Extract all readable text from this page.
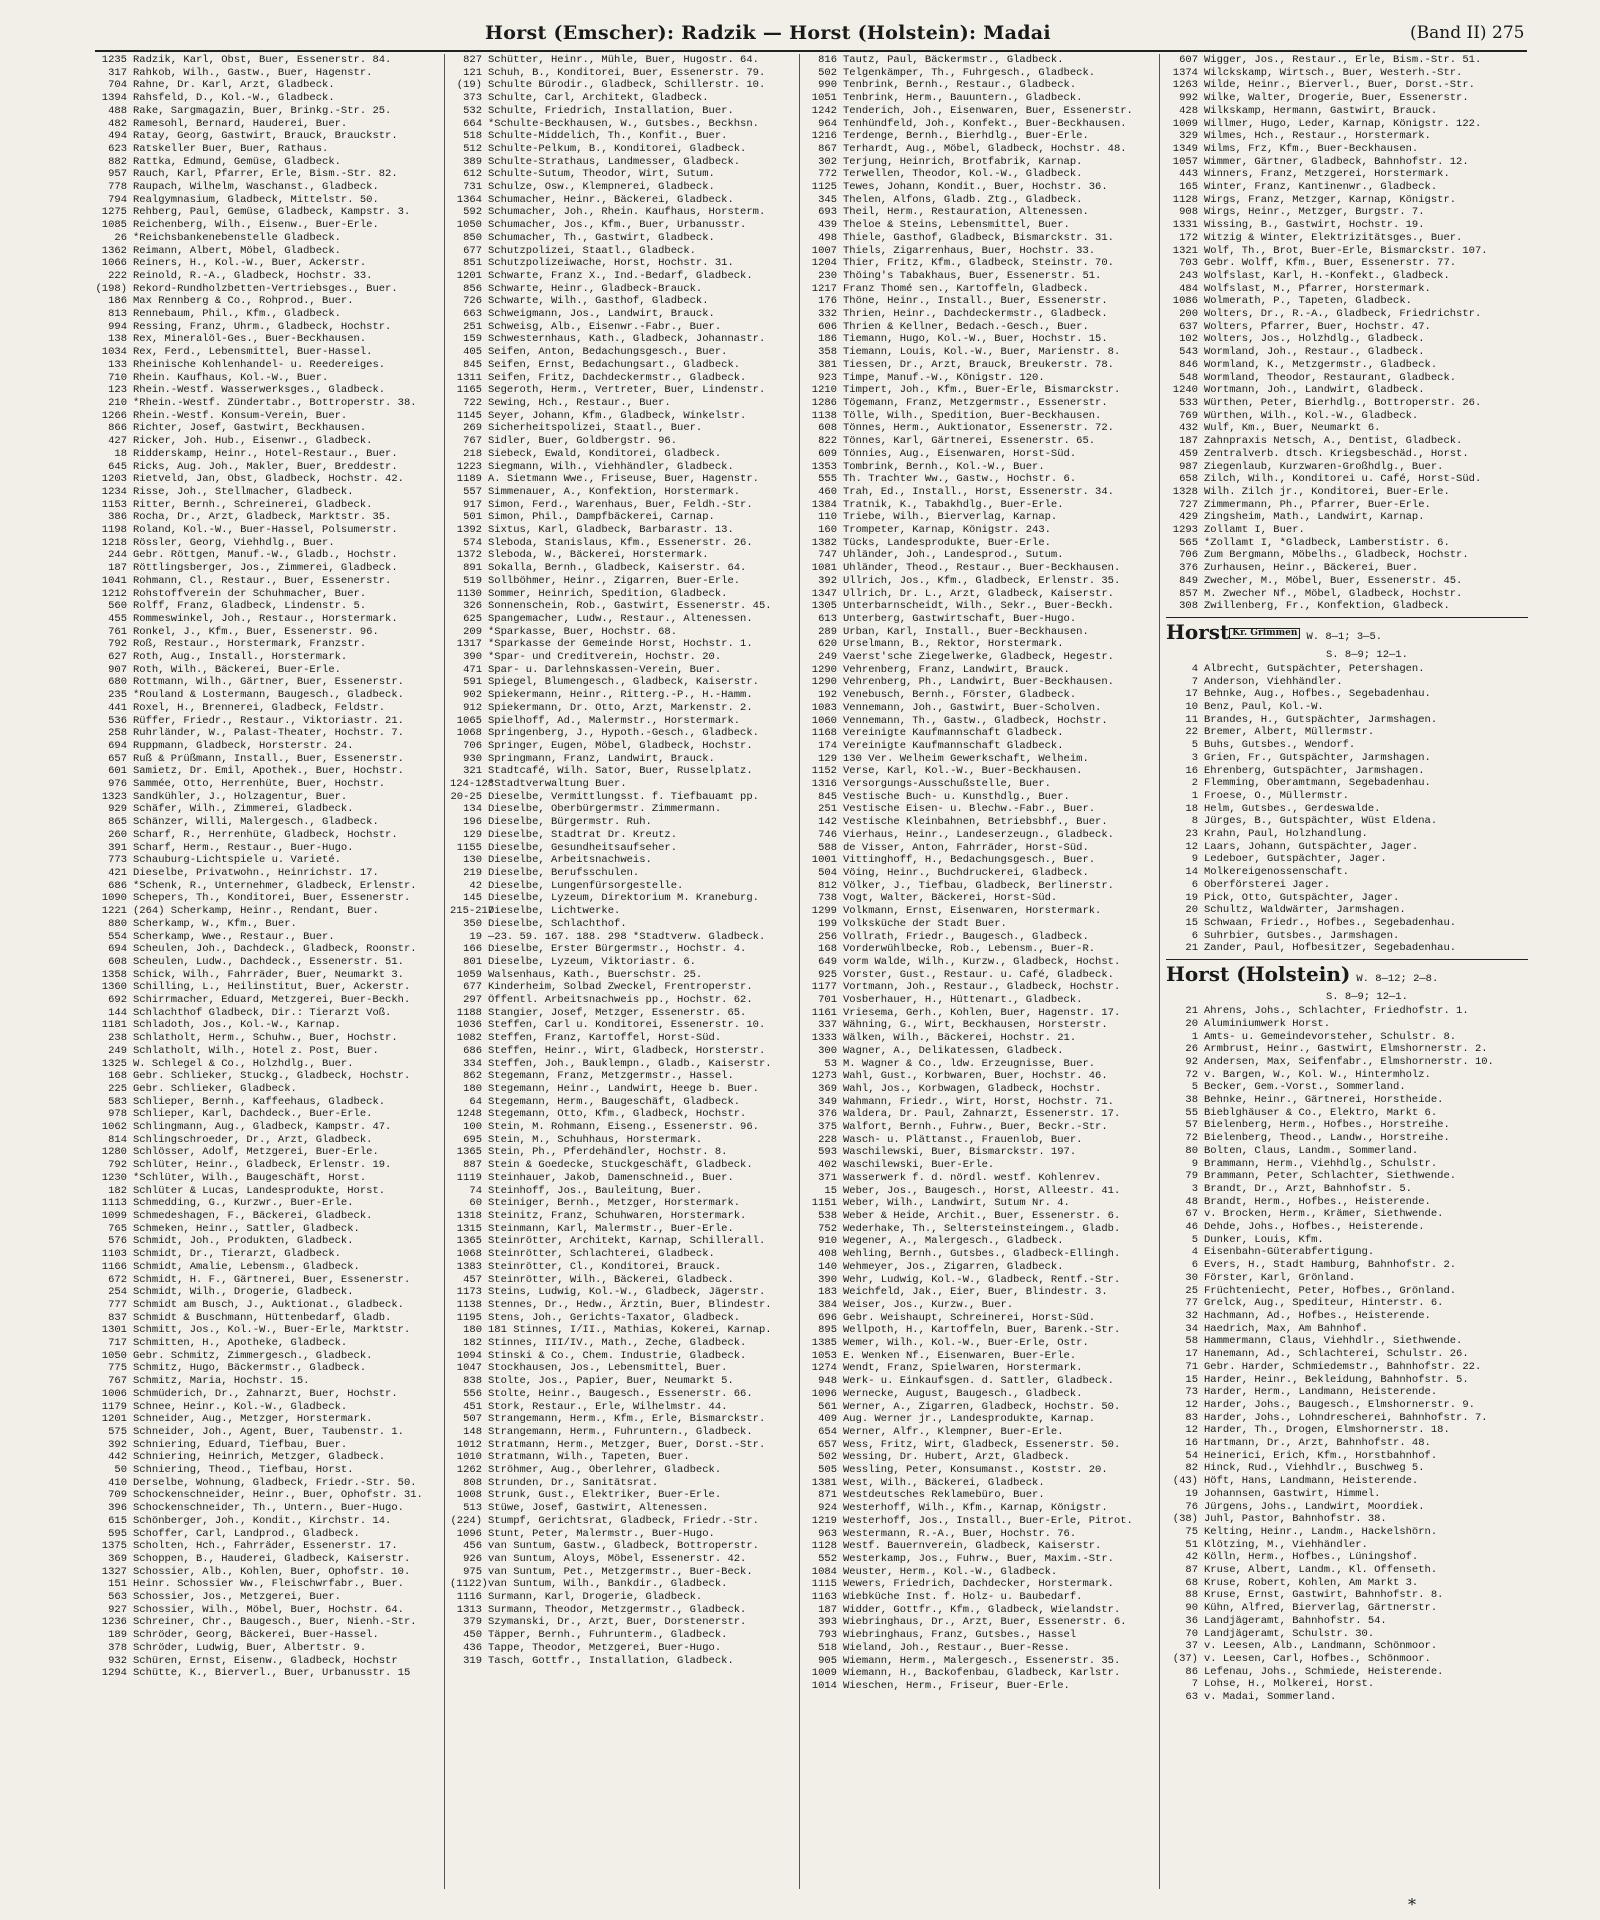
Horst (Emscher): Radzik — Horst (Holstein): Madai	(Band II) 275
1235 Radzik, Karl, Obst, Buer, Essenerstr. 84.
317 Rahkob, Wilh., Gastw., Buer, Hagenstr.
704 Rahne, Dr. Karl, Arzt, Gladbeck.
1394 Rahsfeld, D., Kol.-W., Gladbeck.
488 Rake, Sargmagazin, Buer, Brinkg.-Str. 25.
482 Ramesohl, Bernard, Hauderei, Buer.
494 Ratay, Georg, Gastwirt, Brauck, Brauckstr.
623 Ratskeller Buer, Buer, Rathaus.
882 Rattka, Edmund, Gemüse, Gladbeck.
957 Rauch, Karl, Pfarrer, Erle, Bism.-Str. 82.
778 Raupach, Wilhelm, Waschanst., Gladbeck.
794 Realgymnasium, Gladbeck, Mittelstr. 50.
1275 Rehberg, Paul, Gemüse, Gladbeck, Kampstr. 3.
1085 Reichenberg, Wilh., Eisenw., Buer-Erle.
26 *Reichsbankenebenstelle Gladbeck.
1362 Reimann, Albert, Möbel, Gladbeck.
1066 Reiners, H., Kol.-W., Buer, Ackerstr.
222 Reinold, R.-A., Gladbeck, Hochstr. 33.
(198) Rekord-Rundholzbetten-Vertriebsges., Buer.
186 Max Rennberg & Co., Rohprod., Buer.
813 Rennebaum, Phil., Kfm., Gladbeck.
994 Ressing, Franz, Uhrm., Gladbeck, Hochstr.
138 Rex, Mineralöl-Ges., Buer-Beckhausen.
1034 Rex, Ferd., Lebensmittel, Buer-Hassel.
133 Rheinische Kohlenhandel- u. Reedereiges.
710 Rhein. Kaufhaus, Kol.-W., Buer.
123 Rhein.-Westf. Wasserwerksges., Gladbeck.
210 *Rhein.-Westf. Zündertabr., Bottroperstr. 38.
1266 Rhein.-Westf. Konsum-Verein, Buer.
866 Richter, Josef, Gastwirt, Beckhausen.
427 Ricker, Joh. Hub., Eisenwr., Gladbeck.
18 Ridderskamp, Heinr., Hotel-Restaur., Buer.
645 Ricks, Aug. Joh., Makler, Buer, Breddestr.
1203 Rietveld, Jan, Obst, Gladbeck, Hochstr. 42.
1234 Risse, Joh., Stellmacher, Gladbeck.
1153 Ritter, Bernh., Schreinerei, Gladbeck.
386 Rocha, Dr., Arzt, Gladbeck, Marktstr. 35.
1198 Roland, Kol.-W., Buer-Hassel, Polsumerstr.
1218 Rössler, Georg, Viehhdlg., Buer.
244 Gebr. Röttgen, Manuf.-W., Gladb., Hochstr.
187 Röttlingsberger, Jos., Zimmerei, Gladbeck.
1041 Rohmann, Cl., Restaur., Buer, Essenerstr.
1212 Rohstoffverein der Schuhmacher, Buer.
560 Rolff, Franz, Gladbeck, Lindenstr. 5.
455 Rommeswinkel, Joh., Restaur., Horstermark.
761 Ronkel, J., Kfm., Buer, Essenerstr. 96.
792 Roß, Restaur., Horstermark, Franzstr.
627 Roth, Aug., Install., Horstermark.
907 Roth, Wilh., Bäckerei, Buer-Erle.
680 Rottmann, Wilh., Gärtner, Buer, Essenerstr.
235 *Rouland & Lostermann, Baugesch., Gladbeck.
441 Roxel, H., Brennerei, Gladbeck, Feldstr.
536 Rüffer, Friedr., Restaur., Viktoriastr. 21.
258 Ruhrländer, W., Palast-Theater, Hochstr. 7.
694 Ruppmann, Gladbeck, Horsterstr. 24.
657 Ruß & Prüßmann, Install., Buer, Essenerstr.
601 Samietz, Dr. Emil, Apothek., Buer, Hochstr.
976 Sammée, Otto, Herrenhüte, Buer, Hochstr.
1323 Sandkühler, J., Holzagentur, Buer.
929 Schäfer, Wilh., Zimmerei, Gladbeck.
865 Schänzer, Willi, Malergesch., Gladbeck.
260 Scharf, R., Herrenhüte, Gladbeck, Hochstr.
391 Scharf, Herm., Restaur., Buer-Hugo.
773 Schauburg-Lichtspiele u. Varieté.
421 Dieselbe, Privatwohn., Heinrichstr. 17.
686 *Schenk, R., Unternehmer, Gladbeck, Erlenstr.
1090 Schepers, Th., Konditorei, Buer, Essenerstr.
1221 (264) Scherkamp, Heinr., Rendant, Buer.
880 Scherkamp, W., Kfm., Buer.
554 Scherkamp, Wwe., Restaur., Buer.
694 Scheulen, Joh., Dachdeck., Gladbeck, Roonstr.
608 Scheulen, Ludw., Dachdeck., Essenerstr. 51.
1358 Schick, Wilh., Fahrräder, Buer, Neumarkt 3.
1360 Schilling, L., Heilinstitut, Buer, Ackerstr.
692 Schirrmacher, Eduard, Metzgerei, Buer-Beckh.
144 Schlachthof Gladbeck, Dir.: Tierarzt Voß.
1181 Schladoth, Jos., Kol.-W., Karnap.
238 Schlatholt, Herm., Schuhw., Buer, Hochstr.
249 Schlatholt, Wilh., Hotel z. Post, Buer.
1325 W. Schlegel & Co., Holzhdlg., Buer.
168 Gebr. Schlieker, Stuckg., Gladbeck, Hochstr.
225 Gebr. Schlieker, Gladbeck.
583 Schlieper, Bernh., Kaffeehaus, Gladbeck.
978 Schlieper, Karl, Dachdeck., Buer-Erle.
1062 Schlingmann, Aug., Gladbeck, Kampstr. 47.
814 Schlingschroeder, Dr., Arzt, Gladbeck.
1280 Schlösser, Adolf, Metzgerei, Buer-Erle.
792 Schlüter, Heinr., Gladbeck, Erlenstr. 19.
1230 *Schlüter, Wilh., Baugeschäft, Horst.
182 Schlüter & Lucas, Landesprodukte, Horst.
1113 Schmedding, G., Kurzwr., Buer-Erle.
1099 Schmedeshagen, F., Bäckerei, Gladbeck.
765 Schmeken, Heinr., Sattler, Gladbeck.
576 Schmidt, Joh., Produkten, Gladbeck.
1103 Schmidt, Dr., Tierarzt, Gladbeck.
1166 Schmidt, Amalie, Lebensm., Gladbeck.
672 Schmidt, H. F., Gärtnerei, Buer, Essenerstr.
254 Schmidt, Wilh., Drogerie, Gladbeck.
777 Schmidt am Busch, J., Auktionat., Gladbeck.
837 Schmidt & Buschmann, Hüttenbedarf, Gladb.
1301 Schmitt, Jos., Kol.-W., Buer-Erle, Marktstr.
717 Schmitten, H., Apotheke, Gladbeck.
1050 Gebr. Schmitz, Zimmergesch., Gladbeck.
775 Schmitz, Hugo, Bäckermstr., Gladbeck.
767 Schmitz, Maria, Hochstr. 15.
1006 Schmüderich, Dr., Zahnarzt, Buer, Hochstr.
1179 Schnee, Heinr., Kol.-W., Gladbeck.
1201 Schneider, Aug., Metzger, Horstermark.
575 Schneider, Joh., Agent, Buer, Taubenstr. 1.
392 Schniering, Eduard, Tiefbau, Buer.
442 Schniering, Heinrich, Metzger, Gladbeck.
50 Schniering, Theod., Tiefbau, Horst.
410 Derselbe, Wohnung, Gladbeck, Friedr.-Str. 50.
709 Schockenschneider, Heinr., Buer, Ophofstr. 31.
396 Schockenschneider, Th., Untern., Buer-Hugo.
615 Schönberger, Joh., Kondit., Kirchstr. 14.
595 Schoffer, Carl, Landprod., Gladbeck.
1375 Scholten, Hch., Fahrräder, Essenerstr. 17.
369 Schoppen, B., Hauderei, Gladbeck, Kaiserstr.
1327 Schossier, Alb., Kohlen, Buer, Ophofstr. 10.
151 Heinr. Schossier Ww., Fleischwrfabr., Buer.
563 Schossier, Jos., Metzgerei, Buer.
927 Schossier, Wilh., Möbel, Buer, Hochstr. 64.
1236 Schreiner, Chr., Baugesch., Buer, Nienh.-Str.
189 Schröder, Georg, Bäckerei, Buer-Hassel.
378 Schröder, Ludwig, Buer, Albertstr. 9.
932 Schüren, Ernst, Eisenw., Gladbeck, Hochstr
1294 Schütte, K., Bierverl., Buer, Urbanusstr. 15
827 Schütter, Heinr., Mühle, Buer, Hugostr. 64.
121 Schuh, B., Konditorei, Buer, Essenerstr. 79.
(19) Schulte Bürodir., Gladbeck, Schillerstr. 10.
373 Schulte, Carl, Architekt, Gladbeck.
532 Schulte, Friedrich, Installation, Buer.
664 *Schulte-Beckhausen, W., Gutsbes., Beckhsn.
518 Schulte-Middelich, Th., Konfit., Buer.
512 Schulte-Pelkum, B., Konditorei, Gladbeck.
389 Schulte-Strathaus, Landmesser, Gladbeck.
612 Schulte-Sutum, Theodor, Wirt, Sutum.
731 Schulze, Osw., Klempnerei, Gladbeck.
1364 Schumacher, Heinr., Bäckerei, Gladbeck.
592 Schumacher, Joh., Rhein. Kaufhaus, Horsterm.
1050 Schumacher, Jos., Kfm., Buer, Urbanusstr.
850 Schumacher, Th., Gastwirt, Gladbeck.
677 Schutzpolizei, Staatl., Gladbeck.
851 Schutzpolizeiwache, Horst, Hochstr. 31.
1201 Schwarte, Franz X., Ind.-Bedarf, Gladbeck.
856 Schwarte, Heinr., Gladbeck-Brauck.
726 Schwarte, Wilh., Gasthof, Gladbeck.
663 Schweigmann, Jos., Landwirt, Brauck.
251 Schweisg, Alb., Eisenwr.-Fabr., Buer.
159 Schwesternhaus, Kath., Gladbeck, Johannastr.
405 Seifen, Anton, Bedachungsgesch., Buer.
845 Seifen, Ernst, Bedachungsart., Gladbeck.
1311 Seifen, Fritz, Dachdeckermstr., Gladbeck.
1165 Segeroth, Herm., Vertreter, Buer, Lindenstr.
722 Sewing, Hch., Restaur., Buer.
1145 Seyer, Johann, Kfm., Gladbeck, Winkelstr.
269 Sicherheitspolizei, Staatl., Buer.
767 Sidler, Buer, Goldbergstr. 96.
218 Siebeck, Ewald, Konditorei, Gladbeck.
1223 Siegmann, Wilh., Viehhändler, Gladbeck.
1189 A. Sietmann Wwe., Friseuse, Buer, Hagenstr.
557 Simmenauer, A., Konfektion, Horstermark.
917 Simon, Ferd., Warenhaus, Buer, Feldh.-Str.
501 Simon, Phil., Dampfbäckerei, Carnap.
1392 Sixtus, Karl, Gladbeck, Barbarastr. 13.
574 Sleboda, Stanislaus, Kfm., Essenerstr. 26.
1372 Sleboda, W., Bäckerei, Horstermark.
891 Sokalla, Bernh., Gladbeck, Kaiserstr. 64.
519 Sollböhmer, Heinr., Zigarren, Buer-Erle.
1130 Sommer, Heinrich, Spedition, Gladbeck.
326 Sonnenschein, Rob., Gastwirt, Essenerstr. 45.
625 Spangemacher, Ludw., Restaur., Altenessen.
209 *Sparkasse, Buer, Hochstr. 68.
1317 *Sparkasse der Gemeinde Horst, Hochstr. 1.
390 *Spar- und Creditverein, Hochstr. 20.
471 Spar- u. Darlehnskassen-Verein, Buer.
591 Spiegel, Blumengesch., Gladbeck, Kaiserstr.
902 Spiekermann, Heinr., Ritterg.-P., H.-Hamm.
912 Spiekermann, Dr. Otto, Arzt, Markenstr. 2.
1065 Spielhoff, Ad., Malermstr., Horstermark.
1068 Springenberg, J., Hypoth.-Gesch., Gladbeck.
706 Springer, Eugen, Möbel, Gladbeck, Hochstr.
930 Springmann, Franz, Landwirt, Brauck.
321 Stadtcafé, Wilh. Sator, Buer, Russelplatz.
124-128*Stadtverwaltung Buer.
20-25 Dieselbe, Vermittlungsst. f. Tiefbauamt pp.
134 Dieselbe, Oberbürgermstr. Zimmermann.
196 Dieselbe, Bürgermstr. Ruh.
129 Dieselbe, Stadtrat Dr. Kreutz.
1155 Dieselbe, Gesundheitsaufseher.
130 Dieselbe, Arbeitsnachweis.
219 Dieselbe, Berufsschulen.
42 Dieselbe, Lungenfürsorgestelle.
145 Dieselbe, Lyzeum, Direktorium M. Kraneburg.
215-217Dieselbe, Lichtwerke.
350 Dieselbe, Schlachthof.
19 —23. 59. 167. 188. 298 *Stadtverw. Gladbeck.
166 Dieselbe, Erster Bürgermstr., Hochstr. 4.
801 Dieselbe, Lyzeum, Viktoriastr. 6.
1059 Walsenhaus, Kath., Buerschstr. 25.
677 Kinderheim, Solbad Zweckel, Frentroperstr.
297 Öffentl. Arbeitsnachweis pp., Hochstr. 62.
1188 Stangier, Josef, Metzger, Essenerstr. 65.
1036 Steffen, Carl u. Konditorei, Essenerstr. 10.
1082 Steffen, Franz, Kartoffel, Horst-Süd.
686 Steffen, Heinr., Wirt, Gladbeck, Horsterstr.
334 Steffen, Joh., Bauklempn., Gladb., Kaiserstr.
862 Stegemann, Franz, Metzgermstr., Hassel.
180 Stegemann, Heinr., Landwirt, Heege b. Buer.
64 Stegemann, Herm., Baugeschäft, Gladbeck.
1248 Stegemann, Otto, Kfm., Gladbeck, Hochstr.
100 Stein, M. Rohmann, Eiseng., Essenerstr. 96.
695 Stein, M., Schuhhaus, Horstermark.
1365 Stein, Ph., Pferdehändler, Hochstr. 8.
887 Stein & Goedecke, Stuckgeschäft, Gladbeck.
1119 Steinhauer, Jakob, Damenschneid., Buer.
74 Steinhoff, Jos., Bauleitung, Buer.
60 Steiniger, Bernh., Metzger, Horstermark.
1318 Steinitz, Franz, Schuhwaren, Horstermark.
1315 Steinmann, Karl, Malermstr., Buer-Erle.
1365 Steinrötter, Architekt, Karnap, Schillerall.
1068 Steinrötter, Schlachterei, Gladbeck.
1383 Steinrötter, Cl., Konditorei, Brauck.
457 Steinrötter, Wilh., Bäckerei, Gladbeck.
1173 Steins, Ludwig, Kol.-W., Gladbeck, Jägerstr.
1138 Stennes, Dr., Hedw., Ärztin, Buer, Blindestr.
1195 Stens, Joh., Gerichts-Taxator, Gladbeck.
180 181 Stinnes, I/II., Mathias, Kokerei, Karnap.
182 Stinnes, III/IV., Math., Zeche, Gladbeck.
1094 Stinski & Co., Chem. Industrie, Gladbeck.
1047 Stockhausen, Jos., Lebensmittel, Buer.
838 Stolte, Jos., Papier, Buer, Neumarkt 5.
556 Stolte, Heinr., Baugesch., Essenerstr. 66.
451 Stork, Restaur., Erle, Wilhelmstr. 44.
507 Strangemann, Herm., Kfm., Erle, Bismarckstr.
148 Strangemann, Herm., Fuhruntern., Gladbeck.
1012 Stratmann, Herm., Metzger, Buer, Dorst.-Str.
1010 Stratmann, Wilh., Tapeten, Buer.
1262 Ströhmer, Aug., Oberlehrer, Gladbeck.
808 Strunden, Dr., Sanitätsrat.
1008 Strunk, Gust., Elektriker, Buer-Erle.
513 Stüwe, Josef, Gastwirt, Altenessen.
(224) Stumpf, Gerichtsrat, Gladbeck, Friedr.-Str.
1096 Stunt, Peter, Malermstr., Buer-Hugo.
456 van Suntum, Gastw., Gladbeck, Bottroperstr.
926 van Suntum, Aloys, Möbel, Essenerstr. 42.
975 van Suntum, Pet., Metzgermstr., Buer-Beck.
(1122)van Suntum, Wilh., Bankdir., Gladbeck.
1116 Surmann, Karl, Drogerie, Gladbeck.
1313 Surmann, Theodor, Metzgermstr., Gladbeck.
379 Szymanski, Dr., Arzt, Buer, Dorstenerstr.
450 Täpper, Bernh., Fuhrunterm., Gladbeck.
436 Tappe, Theodor, Metzgerei, Buer-Hugo.
319 Tasch, Gottfr., Installation, Gladbeck.
816 Tautz, Paul, Bäckermstr., Gladbeck.
502 Telgenkämper, Th., Fuhrgesch., Gladbeck.
990 Tenbrink, Bernh., Restaur., Gladbeck.
1051 Tenbrink, Herm., Bauuntern., Gladbeck.
1242 Tenderich, Joh., Eisenwaren, Buer, Essenerstr.
964 Tenhündfeld, Joh., Konfekt., Buer-Beckhausen.
1216 Terdenge, Bernh., Bierhdlg., Buer-Erle.
867 Terhardt, Aug., Möbel, Gladbeck, Hochstr. 48.
302 Terjung, Heinrich, Brotfabrik, Karnap.
772 Terwellen, Theodor, Kol.-W., Gladbeck.
1125 Tewes, Johann, Kondit., Buer, Hochstr. 36.
345 Thelen, Alfons, Gladb. Ztg., Gladbeck.
693 Theil, Herm., Restauration, Altenessen.
439 Theloe & Steins, Lebensmittel, Buer.
498 Thiele, Gasthof, Gladbeck, Bismarckstr. 31.
1007 Thiels, Zigarrenhaus, Buer, Hochstr. 33.
1204 Thier, Fritz, Kfm., Gladbeck, Steinstr. 70.
230 Thöing's Tabakhaus, Buer, Essenerstr. 51.
1217 Franz Thomé sen., Kartoffeln, Gladbeck.
176 Thöne, Heinr., Install., Buer, Essenerstr.
332 Thrien, Heinr., Dachdeckermstr., Gladbeck.
606 Thrien & Kellner, Bedach.-Gesch., Buer.
186 Tiemann, Hugo, Kol.-W., Buer, Hochstr. 15.
358 Tiemann, Louis, Kol.-W., Buer, Marienstr. 8.
381 Tiessen, Dr., Arzt, Brauck, Breukerstr. 78.
923 Timpe, Manuf.-W., Königstr. 120.
1210 Timpert, Joh., Kfm., Buer-Erle, Bismarckstr.
1286 Tögemann, Franz, Metzgermstr., Essenerstr.
1138 Tölle, Wilh., Spedition, Buer-Beckhausen.
608 Tönnes, Herm., Auktionator, Essenerstr. 72.
822 Tönnes, Karl, Gärtnerei, Essenerstr. 65.
609 Tönnies, Aug., Eisenwaren, Horst-Süd.
1353 Tombrink, Bernh., Kol.-W., Buer.
555 Th. Trachter Ww., Gastw., Hochstr. 6.
460 Trah, Ed., Install., Horst, Essenerstr. 34.
1384 Tratnik, K., Tabakhdlg., Buer-Erle.
110 Triebe, Wilh., Bierverlag, Karnap.
160 Trompeter, Karnap, Königstr. 243.
1382 Tücks, Landesprodukte, Buer-Erle.
747 Uhländer, Joh., Landesprod., Sutum.
1081 Uhländer, Theod., Restaur., Buer-Beckhausen.
392 Ullrich, Jos., Kfm., Gladbeck, Erlenstr. 35.
1347 Ullrich, Dr. L., Arzt, Gladbeck, Kaiserstr.
1305 Unterbarnscheidt, Wilh., Sekr., Buer-Beckh.
613 Unterberg, Gastwirtschaft, Buer-Hugo.
289 Urban, Karl, Install., Buer-Beckhausen.
620 Urselmann, B., Rektor, Horstermark.
249 Vaerst'sche Ziegelwerke, Gladbeck, Hegestr.
1290 Vehrenberg, Franz, Landwirt, Brauck.
1290 Vehrenberg, Ph., Landwirt, Buer-Beckhausen.
192 Venebusch, Bernh., Förster, Gladbeck.
1083 Vennemann, Joh., Gastwirt, Buer-Scholven.
1060 Vennemann, Th., Gastw., Gladbeck, Hochstr.
1168 Vereinigte Kaufmannschaft Gladbeck.
174 Vereinigte Kaufmannschaft Gladbeck.
129 130 Ver. Welheim Gewerkschaft, Welheim.
1152 Verse, Karl, Kol.-W., Buer-Beckhausen.
1316 Versorgungs-Ausschußstelle, Buer.
845 Vestische Buch- u. Kunsthdlg., Buer.
251 Vestische Eisen- u. Blechw.-Fabr., Buer.
142 Vestische Kleinbahnen, Betriebsbhf., Buer.
746 Vierhaus, Heinr., Landeserzeugn., Gladbeck.
588 de Visser, Anton, Fahrräder, Horst-Süd.
1001 Vittinghoff, H., Bedachungsgesch., Buer.
504 Vöing, Heinr., Buchdruckerei, Gladbeck.
812 Völker, J., Tiefbau, Gladbeck, Berlinerstr.
738 Vogt, Walter, Bäckerei, Horst-Süd.
1299 Volkmann, Ernst, Eisenwaren, Horstermark.
199 Volksküche der Stadt Buer.
256 Vollrath, Friedr., Baugesch., Gladbeck.
168 Vorderwühlbecke, Rob., Lebensm., Buer-R.
649 vorm Walde, Wilh., Kurzw., Gladbeck, Hochst.
925 Vorster, Gust., Restaur. u. Café, Gladbeck.
1177 Vortmann, Joh., Restaur., Gladbeck, Hochstr.
701 Vosberhauer, H., Hüttenart., Gladbeck.
1161 Vriesema, Gerh., Kohlen, Buer, Hagenstr. 17.
337 Wähning, G., Wirt, Beckhausen, Horsterstr.
1333 Wälken, Wilh., Bäckerei, Hochstr. 21.
300 Wagner, A., Delikatessen, Gladbeck.
53 M. Wagner & Co., ldw. Erzeugnisse, Buer.
1273 Wahl, Gust., Korbwaren, Buer, Hochstr. 46.
369 Wahl, Jos., Korbwagen, Gladbeck, Hochstr.
349 Wahmann, Friedr., Wirt, Horst, Hochstr. 71.
376 Waldera, Dr. Paul, Zahnarzt, Essenerstr. 17.
375 Walfort, Bernh., Fuhrw., Buer, Beckr.-Str.
228 Wasch- u. Plättanst., Frauenlob, Buer.
593 Waschilewski, Buer, Bismarckstr. 197.
402 Waschilewski, Buer-Erle.
371 Wasserwerk f. d. nördl. westf. Kohlenrev.
15 Weber, Jos., Baugesch., Horst, Alleestr. 41.
1151 Weber, Wilh., Landwirt, Sutum Nr. 4.
538 Weber & Heide, Archit., Buer, Essenerstr. 6.
752 Wederhake, Th., Seltersteinsteingem., Gladb.
910 Wegener, A., Malergesch., Gladbeck.
408 Wehling, Bernh., Gutsbes., Gladbeck-Ellingh.
140 Wehmeyer, Jos., Zigarren, Gladbeck.
390 Wehr, Ludwig, Kol.-W., Gladbeck, Rentf.-Str.
183 Weichfeld, Jak., Eier, Buer, Blindestr. 3.
384 Weiser, Jos., Kurzw., Buer.
696 Gebr. Weishaupt, Schreinerei, Horst-Süd.
895 Wellpoth, H., Kartoffeln, Buer, Barenk.-Str.
1385 Wemer, Wilh., Kol.-W., Buer-Erle, Ostr.
1053 E. Wenken Nf., Eisenwaren, Buer-Erle.
1274 Wendt, Franz, Spielwaren, Horstermark.
948 Werk- u. Einkaufsgen. d. Sattler, Gladbeck.
1096 Wernecke, August, Baugesch., Gladbeck.
561 Werner, A., Zigarren, Gladbeck, Hochstr. 50.
409 Aug. Werner jr., Landesprodukte, Karnap.
654 Werner, Alfr., Klempner, Buer-Erle.
657 Wess, Fritz, Wirt, Gladbeck, Essenerstr. 50.
502 Wessing, Dr. Hubert, Arzt, Gladbeck.
505 Wessling, Peter, Konsumanst., Koststr. 20.
1381 West, Wilh., Bäckerei, Gladbeck.
871 Westdeutsches Reklamebüro, Buer.
924 Westerhoff, Wilh., Kfm., Karnap, Königstr.
1219 Westerhoff, Jos., Install., Buer-Erle, Pitrot.
963 Westermann, R.-A., Buer, Hochstr. 76.
1128 Westf. Bauernverein, Gladbeck, Kaiserstr.
552 Westerkamp, Jos., Fuhrw., Buer, Maxim.-Str.
1084 Weuster, Herm., Kol.-W., Gladbeck.
1115 Wewers, Friedrich, Dachdecker, Horstermark.
1163 Wiebküche Inst. f. Holz- u. Baubedarf.
187 Widder, Gottfr., Kfm., Gladbeck, Wielandstr.
393 Wiebringhaus, Dr., Arzt, Buer, Essenerstr. 6.
793 Wiebringhaus, Franz, Gutsbes., Hassel
518 Wieland, Joh., Restaur., Buer-Resse.
905 Wiemann, Herm., Malergesch., Essenerstr. 35.
1009 Wiemann, H., Backofenbau, Gladbeck, Karlstr.
1014 Wieschen, Herm., Friseur, Buer-Erle.
607 Wigger, Jos., Restaur., Erle, Bism.-Str. 51.
1374 Wilckskamp, Wirtsch., Buer, Westerh.-Str.
1263 Wilde, Heinr., Bierverl., Buer, Dorst.-Str.
992 Wilke, Walter, Drogerie, Buer, Essenerstr.
428 Wilkskamp, Hermann, Gastwirt, Brauck.
1009 Willmer, Hugo, Leder, Karnap, Königstr. 122.
329 Wilmes, Hch., Restaur., Horstermark.
1349 Wilms, Frz, Kfm., Buer-Beckhausen.
1057 Wimmer, Gärtner, Gladbeck, Bahnhofstr. 12.
443 Winners, Franz, Metzgerei, Horstermark.
165 Winter, Franz, Kantinenwr., Gladbeck.
1128 Wirgs, Franz, Metzger, Karnap, Königstr.
908 Wirgs, Heinr., Metzger, Burgstr. 7.
1331 Wissing, B., Gastwirt, Hochstr. 19.
172 Witzig & Winter, Elektrizitätsges., Buer.
1321 Wolf, Th., Brot, Buer-Erle, Bismarckstr. 107.
703 Gebr. Wolff, Kfm., Buer, Essenerstr. 77.
243 Wolfslast, Karl, H.-Konfekt., Gladbeck.
484 Wolfslast, M., Pfarrer, Horstermark.
1086 Wolmerath, P., Tapeten, Gladbeck.
200 Wolters, Dr., R.-A., Gladbeck, Friedrichstr.
637 Wolters, Pfarrer, Buer, Hochstr. 47.
102 Wolters, Jos., Holzhdlg., Gladbeck.
543 Wormland, Joh., Restaur., Gladbeck.
846 Wormland, K., Metzgermstr., Gladbeck.
548 Wormland, Theodor, Restaurant, Gladbeck.
1240 Wortmann, Joh., Landwirt, Gladbeck.
533 Würthen, Peter, Bierhdlg., Bottroperstr. 26.
769 Würthen, Wilh., Kol.-W., Gladbeck.
432 Wulf, Km., Buer, Neumarkt 6.
187 Zahnpraxis Netsch, A., Dentist, Gladbeck.
459 Zentralverb. dtsch. Kriegsbeschäd., Horst.
987 Ziegenlaub, Kurzwaren-Großhdlg., Buer.
658 Zilch, Wilh., Konditorei u. Café, Horst-Süd.
1328 Wilh. Zilch jr., Konditorei, Buer-Erle.
727 Zimmermann, Ph., Pfarrer, Buer-Erle.
429 Zingsheim, Math., Landwirt, Karnap.
1293 Zollamt I, Buer.
565 *Zollamt I, *Gladbeck, Lamberstistr. 6.
706 Zum Bergmann, Möbelhs., Gladbeck, Hochstr.
376 Zurhausen, Heinr., Bäckerei, Buer.
849 Zwecher, M., Möbel, Buer, Essenerstr. 45.
857 M. Zwecher Nf., Möbel, Gladbeck, Hochstr.
308 Zwillenberg, Fr., Konfektion, Gladbeck.
Horst Kr. Grimmen W. 8—1; 3—5.
S. 8—9; 12—1.
4 Albrecht, Gutspächter, Petershagen.
7 Anderson, Viehhändler.
17 Behnke, Aug., Hofbes., Segebadenhau.
10 Benz, Paul, Kol.-W.
11 Brandes, H., Gutspächter, Jarmshagen.
22 Bremer, Albert, Müllermstr.
5 Buhs, Gutsbes., Wendorf.
3 Grien, Fr., Gutspächter, Jarmshagen.
16 Ehrenberg, Gutspächter, Jarmshagen.
2 Flemming, Oberamtmann, Segebadenhau.
1 Froese, O., Müllermstr.
18 Helm, Gutsbes., Gerdeswalde.
8 Jürges, B., Gutspächter, Wüst Eldena.
23 Krahn, Paul, Holzhandlung.
12 Laars, Johann, Gutspächter, Jager.
9 Ledeboer, Gutspächter, Jager.
14 Molkereigenossenschaft.
6 Oberförsterei Jager.
19 Pick, Otto, Gutspächter, Jager.
20 Schultz, Waldwärter, Jarmshagen.
15 Schwaan, Friedr., Hofbes., Segebadenhau.
6 Suhrbier, Gutsbes., Jarmshagen.
21 Zander, Paul, Hofbesitzer, Segebadenhau.
Horst (Holstein) W. 8—12; 2—8.
S. 8—9; 12—1.
21 Ahrens, Johs., Schlachter, Friedhofstr. 1.
20 Aluminiumwerk Horst.
1 Amts- u. Gemeindevorsteher, Schulstr. 8.
26 Armbrust, Heinr., Gastwirt, Elmshornerstr. 2.
92 Andersen, Max, Seifenfabr., Elmshornerstr. 10.
72 v. Bargen, W., Kol. W., Hintermholz.
5 Becker, Gem.-Vorst., Sommerland.
38 Behnke, Heinr., Gärtnerei, Horstheide.
55 Bieblghäuser & Co., Elektro, Markt 6.
57 Bielenberg, Herm., Hofbes., Horstreihe.
72 Bielenberg, Theod., Landw., Horstreihe.
80 Bolten, Claus, Landm., Sommerland.
9 Brammann, Herm., Viehhdlg., Schulstr.
79 Brammann, Peter, Schlachter, Siethwende.
3 Brandt, Dr., Arzt, Bahnhofstr. 5.
48 Brandt, Herm., Hofbes., Heisterende.
67 v. Brocken, Herm., Krämer, Siethwende.
46 Dehde, Johs., Hofbes., Heisterende.
5 Dunker, Louis, Kfm.
4 Eisenbahn-Güterabfertigung.
6 Evers, H., Stadt Hamburg, Bahnhofstr. 2.
30 Förster, Karl, Grönland.
25 Früchteniecht, Peter, Hofbes., Grönland.
77 Grelck, Aug., Spediteur, Hinterstr. 6.
32 Hachmann, Ad., Hofbes., Heisterende.
34 Haedrich, Max, Am Bahnhof.
58 Hammermann, Claus, Viehhdlr., Siethwende.
17 Hanemann, Ad., Schlachterei, Schulstr. 26.
71 Gebr. Harder, Schmiedemstr., Bahnhofstr. 22.
15 Harder, Heinr., Bekleidung, Bahnhofstr. 5.
73 Harder, Herm., Landmann, Heisterende.
12 Harder, Johs., Baugesch., Elmshornerstr. 9.
83 Harder, Johs., Lohndrescherei, Bahnhofstr. 7.
12 Harder, Th., Drogen, Elmshornerstr. 18.
16 Hartmann, Dr., Arzt, Bahnhofstr. 48.
54 Heinerici, Erich, Kfm., Horstbahnhof.
82 Hinck, Rud., Viehhdlr., Buschweg 5.
(43) Höft, Hans, Landmann, Heisterende.
19 Johannsen, Gastwirt, Himmel.
76 Jürgens, Johs., Landwirt, Moordiek.
(38) Juhl, Pastor, Bahnhofstr. 38.
75 Kelting, Heinr., Landm., Hackelshörn.
51 Klötzing, M., Viehhändler.
42 Kölln, Herm., Hofbes., Lüningshof.
87 Kruse, Albert, Landm., Kl. Offenseth.
68 Kruse, Robert, Kohlen, Am Markt 3.
88 Kruse, Ernst, Gastwirt, Bahnhofstr. 8.
90 Kühn, Alfred, Bierverlag, Gärtnerstr.
36 Landjägeramt, Bahnhofstr. 54.
70 Landjägeramt, Schulstr. 30.
37 v. Leesen, Alb., Landmann, Schönmoor.
(37) v. Leesen, Carl, Hofbes., Schönmoor.
86 Lefenau, Johs., Schmiede, Heisterende.
7 Lohse, H., Molkerei, Horst.
63 v. Madai, Sommerland.
*
